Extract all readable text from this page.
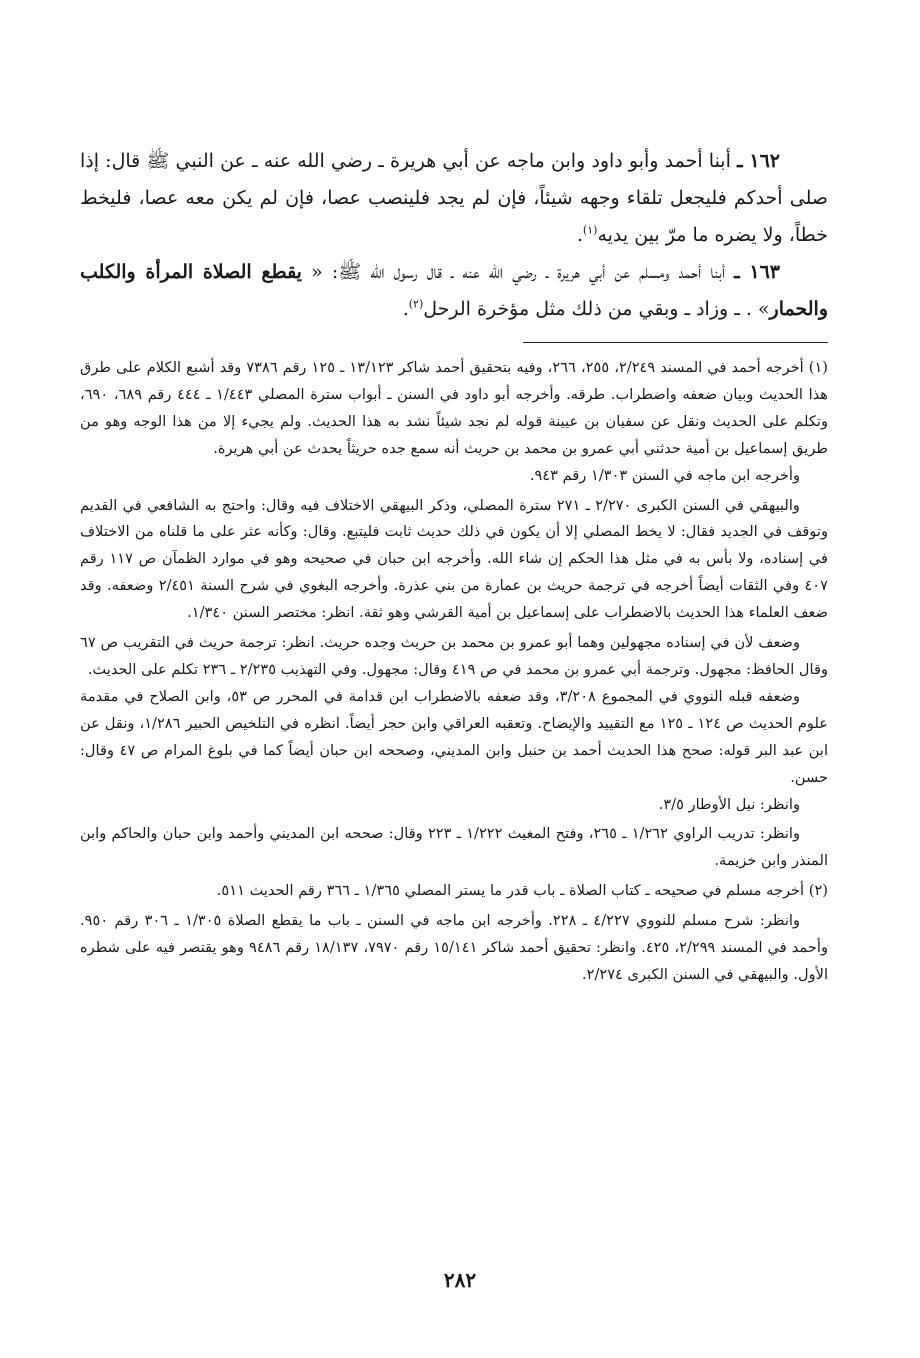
١٦٢ ـ أبنا أحمد وأبو داود وابن ماجه عن أبي هريرة ـ رضي الله عنه ـ عن النبي ﷺ قال: إذا صلى أحدكم فليجعل تلقاء وجهه شيئاً، فإن لم يجد فلينصب عصا، فإن لم يكن معه عصا، فليخط خطاً، ولا يضره ما مرّ بين يديه$^{(١)}$.

١٦٣ ـ أبنا أحمد ومسلم عن أبي هريرة ـ رضي الله عنه ـ قال رسول الله ﷺ: « يقطع الصلاة المرأة والكلب والحمار» . ـ وزاد ـ وبقي من ذلك مثل مؤخرة الرحل$^{(٢)}$.

(١) أخرجه أحمد في المسند ٢/٢٤٩، ٢٥٥، ٢٦٦، وفيه بتحقيق أحمد شاكر ١٣/١٢٣ ـ ١٢٥ رقم ٧٣٨٦ وقد أشبع الكلام على طرق هذا الحديث وبيان ضعفه واضطراب. طرقه. وأخرجه أبو داود في السنن ـ أبواب سترة المصلي ١/٤٤٣ ـ ٤٤٤ رقم ٦٨٩، ٦٩٠، وتكلم على الحديث ونقل عن سفيان بن عيينة قوله لم نجد شيئاً نشد به هذا الحديث. ولم يجيء إلا من هذا الوجه وهو من طريق إسماعيل بن أمية حدثني أبي عمرو بن محمد بن حريث أنه سمع جده حريثاً يحدث عن أبي هريرة.

وأخرجه ابن ماجه في السنن ١/٣٠٣ رقم ٩٤٣.

والبيهقي في السنن الكبرى ٢/٢٧٠ ـ ٢٧١ سترة المصلي، وذكر البيهقي الاختلاف فيه وقال: واحتج به الشافعي في القديم وتوقف في الجديد فقال: لا يخط المصلي إلا أن يكون في ذلك حديث ثابت فليتبع. وقال: وكأنه عثر على ما قلناه من الاختلاف في إسناده، ولا بأس به في مثل هذا الحكم إن شاء الله. وأخرجه ابن حبان في صحيحه وهو في موارد الظمآن ص ١١٧ رقم ٤٠٧ وفي الثقات أيضاً أخرجه في ترجمة حريث بن عمارة من بني عذرة. وأخرجه البغوي في شرح السنة ٢/٤٥١ وضعفه. وقد ضعف العلماء هذا الحديث بالاضطراب على إسماعيل بن أمية القرشي وهو ثقة. انظر: مختصر السنن ١/٣٤٠.

وضعف لأن في إسناده مجهولين وهما أبو عمرو بن محمد بن حريث وجده حريث. انظر: ترجمة حريث في التقريب ص ٦٧ وقال الحافظ: مجهول. وترجمة أبي عمرو بن محمد في ص ٤١٩ وقال: مجهول. وفي التهذيب ٢/٢٣٥ ـ ٢٣٦ تكلم على الحديث.

وضعفه قبله النووي في المجموع ٣/٢٠٨، وقد ضعفه بالاضطراب ابن قدامة في المحرر ص ٥٣، وابن الصلاح في مقدمة علوم الحديث ص ١٢٤ ـ ١٢٥ مع التقييد والإيضاح. وتعقبه العراقي وابن حجر أيضاً. انظره في التلخيص الحبير ١/٢٨٦، ونقل عن ابن عبد البر قوله: صحح هذا الحديث أحمد بن حنبل وابن المديني، وصححه ابن حبان أيضاً كما في بلوغ المرام ص ٤٧ وقال: حسن.

وانظر: نيل الأوطار ٣/٥.

وانظر: تدريب الراوي ١/٢٦٢ ـ ٢٦٥، وفتح المغيث ١/٢٢٢ ـ ٢٢٣ وقال: صححه ابن المديني وأحمد وابن حبان والحاكم وابن المنذر وابن خزيمة.

(٢) أخرجه مسلم في صحيحه ـ كتاب الصلاة ـ باب قدر ما يستر المصلي ١/٣٦٥ ـ ٣٦٦ رقم الحديث ٥١١.

وانظر: شرح مسلم للنووي ٤/٢٢٧ ـ ٢٢٨. وأخرجه ابن ماجه في السنن ـ باب ما يقطع الصلاة ١/٣٠٥ ـ ٣٠٦ رقم ٩٥٠. وأحمد في المسند ٢/٢٩٩، ٤٢٥. وانظر: تحقيق أحمد شاكر ١٥/١٤١ رقم ٧٩٧٠، ١٨/١٣٧ رقم ٩٤٨٦ وهو يقتصر فيه على شطره الأول. والبيهقي في السنن الكبرى ٢/٢٧٤.

٢٨٢
